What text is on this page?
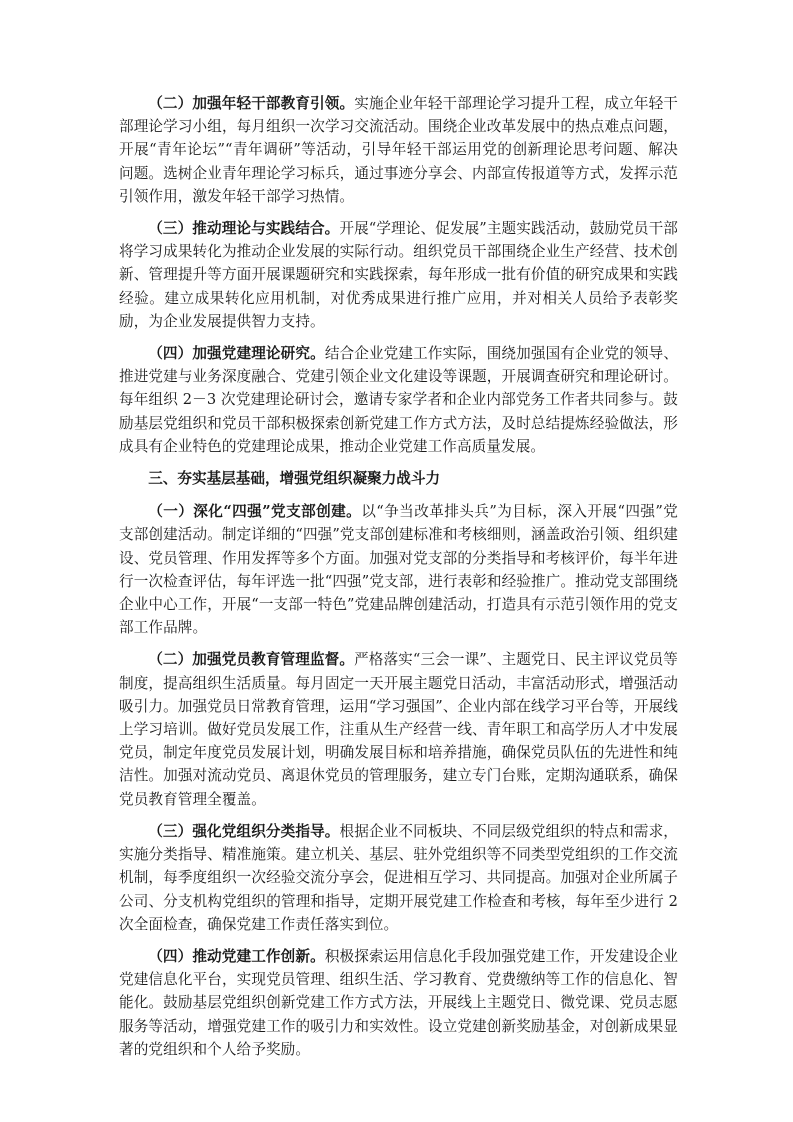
（二）加强年轻干部教育引领。实施企业年轻干部理论学习提升工程，成立年轻干部理论学习小组，每月组织一次学习交流活动。围绕企业改革发展中的热点难点问题，开展“青年论坛”“青年调研”等活动，引导年轻干部运用党的创新理论思考问题、解决问题。选树企业青年理论学习标兵，通过事迹分享会、内部宣传报道等方式，发挥示范引领作用，激发年轻干部学习热情。

（三）推动理论与实践结合。开展“学理论、促发展”主题实践活动，鼓励党员干部将学习成果转化为推动企业发展的实际行动。组织党员干部围绕企业生产经营、技术创新、管理提升等方面开展课题研究和实践探索，每年形成一批有价值的研究成果和实践经验。建立成果转化应用机制，对优秀成果进行推广应用，并对相关人员给予表彰奖励，为企业发展提供智力支持。

（四）加强党建理论研究。结合企业党建工作实际，围绕加强国有企业党的领导、推进党建与业务深度融合、党建引领企业文化建设等课题，开展调查研究和理论研讨。每年组织 2－3 次党建理论研讨会，邀请专家学者和企业内部党务工作者共同参与。鼓励基层党组织和党员干部积极探索创新党建工作方式方法，及时总结提炼经验做法，形成具有企业特色的党建理论成果，推动企业党建工作高质量发展。

三、夯实基层基础，增强党组织凝聚力战斗力

（一）深化“四强”党支部创建。以“争当改革排头兵”为目标，深入开展“四强”党支部创建活动。制定详细的“四强”党支部创建标准和考核细则，涵盖政治引领、组织建设、党员管理、作用发挥等多个方面。加强对党支部的分类指导和考核评价，每半年进行一次检查评估，每年评选一批“四强”党支部，进行表彰和经验推广。推动党支部围绕企业中心工作，开展“一支部一特色”党建品牌创建活动，打造具有示范引领作用的党支部工作品牌。

（二）加强党员教育管理监督。严格落实“三会一课”、主题党日、民主评议党员等制度，提高组织生活质量。每月固定一天开展主题党日活动，丰富活动形式，增强活动吸引力。加强党员日常教育管理，运用“学习强国”、企业内部在线学习平台等，开展线上学习培训。做好党员发展工作，注重从生产经营一线、青年职工和高学历人才中发展党员，制定年度党员发展计划，明确发展目标和培养措施，确保党员队伍的先进性和纯洁性。加强对流动党员、离退休党员的管理服务，建立专门台账，定期沟通联系，确保党员教育管理全覆盖。

（三）强化党组织分类指导。根据企业不同板块、不同层级党组织的特点和需求，实施分类指导、精准施策。建立机关、基层、驻外党组织等不同类型党组织的工作交流机制，每季度组织一次经验交流分享会，促进相互学习、共同提高。加强对企业所属子公司、分支机构党组织的管理和指导，定期开展党建工作检查和考核，每年至少进行 2 次全面检查，确保党建工作责任落实到位。

（四）推动党建工作创新。积极探索运用信息化手段加强党建工作，开发建设企业党建信息化平台，实现党员管理、组织生活、学习教育、党费缴纳等工作的信息化、智能化。鼓励基层党组织创新党建工作方式方法，开展线上主题党日、微党课、党员志愿服务等活动，增强党建工作的吸引力和实效性。设立党建创新奖励基金，对创新成果显著的党组织和个人给予奖励。
